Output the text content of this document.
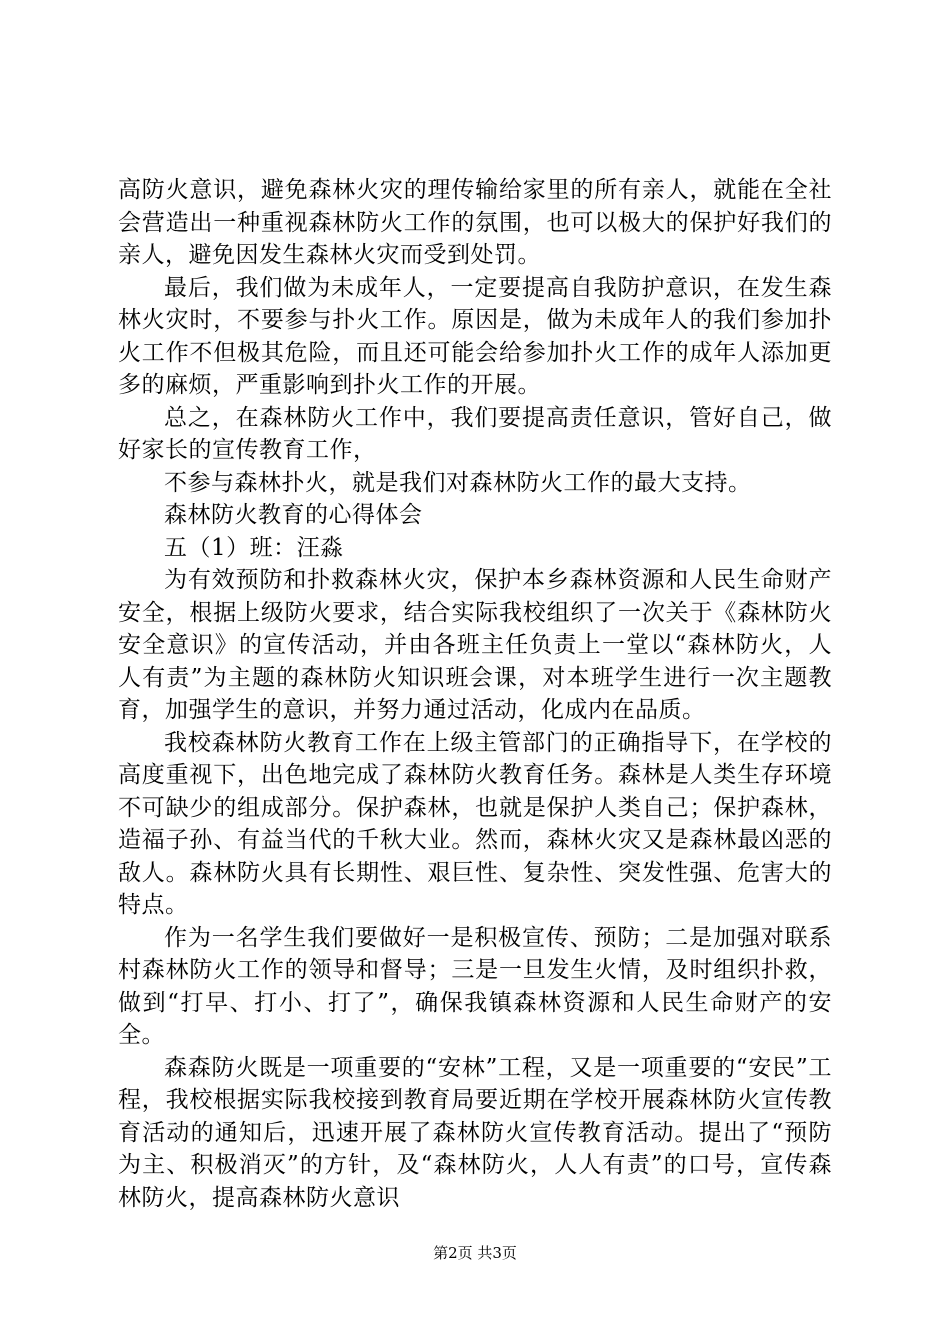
高防火意识，避免森林火灾的理传输给家里的所有亲人，就能在全社会营造出一种重视森林防火工作的氛围，也可以极大的保护好我们的亲人，避免因发生森林火灾而受到处罚。

最后，我们做为未成年人，一定要提高自我防护意识，在发生森林火灾时，不要参与扑火工作。原因是，做为未成年人的我们参加扑火工作不但极其危险，而且还可能会给参加扑火工作的成年人添加更多的麻烦，严重影响到扑火工作的开展。

总之，在森林防火工作中，我们要提高责任意识，管好自己，做好家长的宣传教育工作，

不参与森林扑火，就是我们对森林防火工作的最大支持。

森林防火教育的心得体会

五（1）班：汪淼

为有效预防和扑救森林火灾，保护本乡森林资源和人民生命财产安全，根据上级防火要求，结合实际我校组织了一次关于《森林防火安全意识》的宣传活动，并由各班主任负责上一堂以“森林防火，人人有责”为主题的森林防火知识班会课，对本班学生进行一次主题教育，加强学生的意识，并努力通过活动，化成内在品质。

我校森林防火教育工作在上级主管部门的正确指导下，在学校的高度重视下，出色地完成了森林防火教育任务。森林是人类生存环境不可缺少的组成部分。保护森林，也就是保护人类自己；保护森林，造福子孙、有益当代的千秋大业。然而，森林火灾又是森林最凶恶的敌人。森林防火具有长期性、艰巨性、复杂性、突发性强、危害大的特点。

作为一名学生我们要做好一是积极宣传、预防；二是加强对联系村森林防火工作的领导和督导；三是一旦发生火情，及时组织扑救，做到“打早、打小、打了”，确保我镇森林资源和人民生命财产的安全。

森森防火既是一项重要的“安林”工程，又是一项重要的“安民”工程，我校根据实际我校接到教育局要近期在学校开展森林防火宣传教育活动的通知后，迅速开展了森林防火宣传教育活动。提出了“预防为主、积极消灭”的方针，及“森林防火，人人有责”的口号，宣传森林防火，提高森林防火意识

第2页 共3页
